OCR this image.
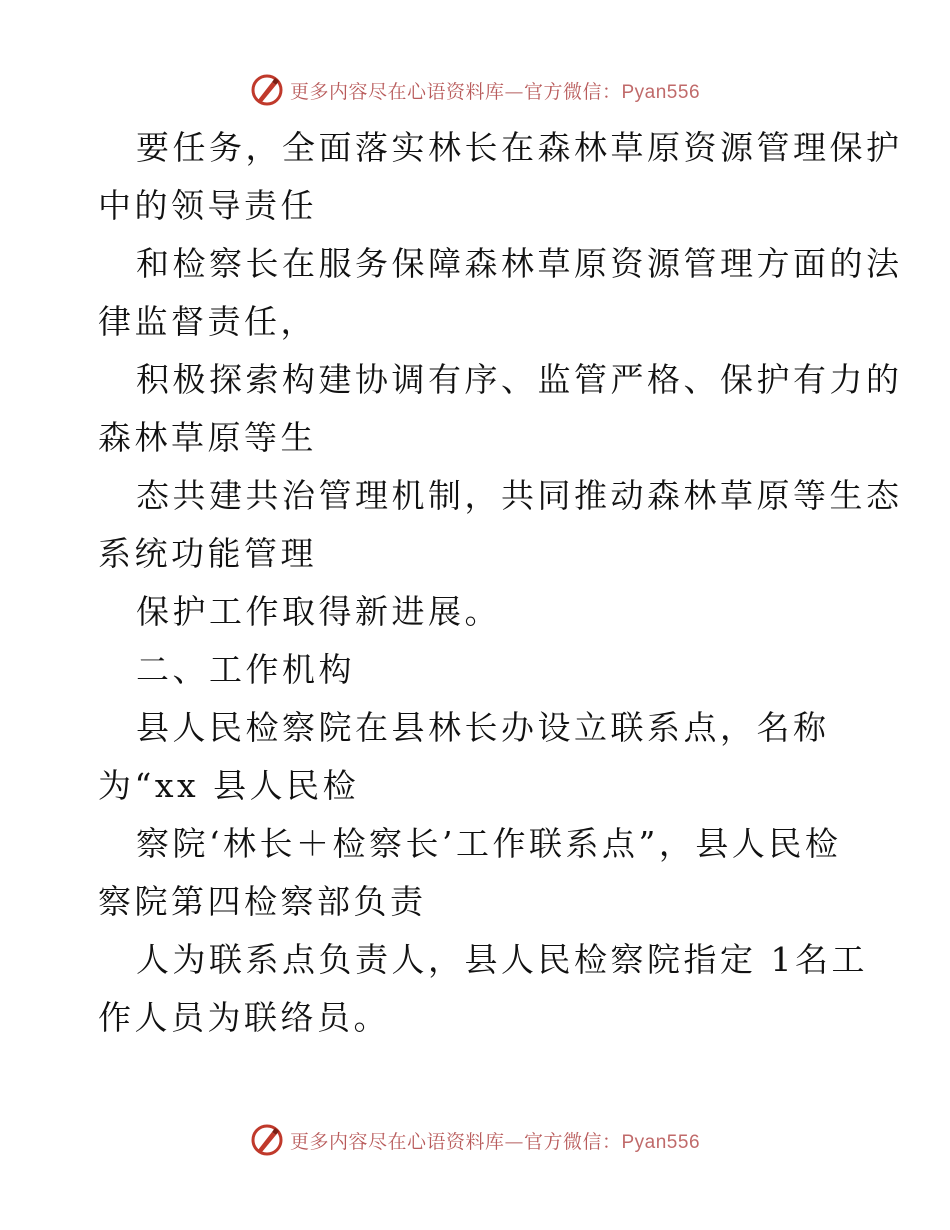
更多内容尽在心语资料库—官方微信：Pyan556
要任务，全面落实林长在森林草原资源管理保护
中的领导责任
和检察长在服务保障森林草原资源管理方面的法
律监督责任，
积极探索构建协调有序、监管严格、保护有力的
森林草原等生
态共建共治管理机制，共同推动森林草原等生态
系统功能管理
保护工作取得新进展。
二、工作机构
县人民检察院在县林长办设立联系点，名称
为“xx 县人民检
察院‘林长＋检察长’工作联系点”，县人民检
察院第四检察部负责
人为联系点负责人，县人民检察院指定 1名工
作人员为联络员。
更多内容尽在心语资料库—官方微信：Pyan556
